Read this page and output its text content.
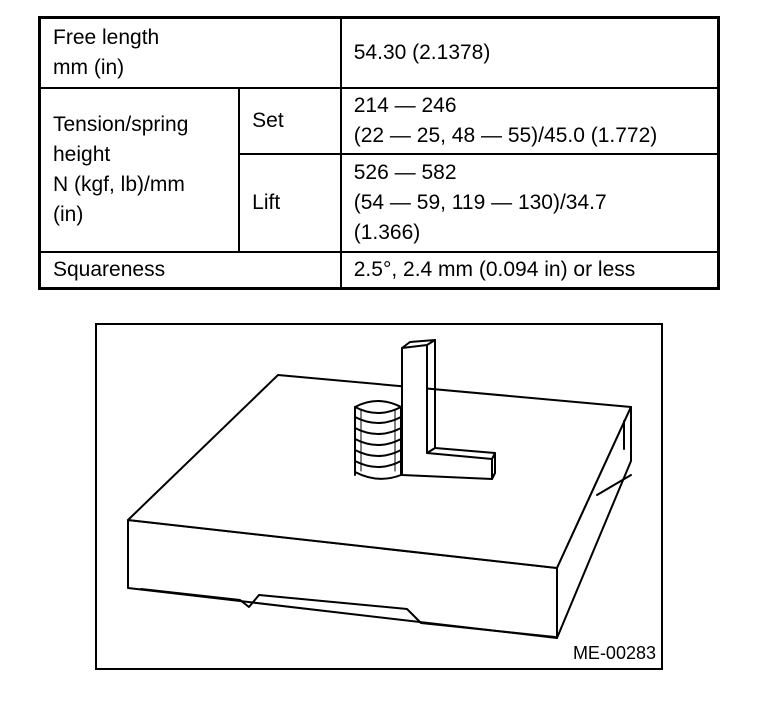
Free length
mm (in)		54.30 (2.1378)

Tension/spring
height
N (kgf, lb)/mm
(in)	Set	214 — 246
(22 — 25, 48 — 55)/45.0 (1.772)

	Lift	526 — 582
(54 — 59, 119 — 130)/34.7
(1.366)

Squareness		2.5°, 2.4 mm (0.094 in) or less
ME-00283
